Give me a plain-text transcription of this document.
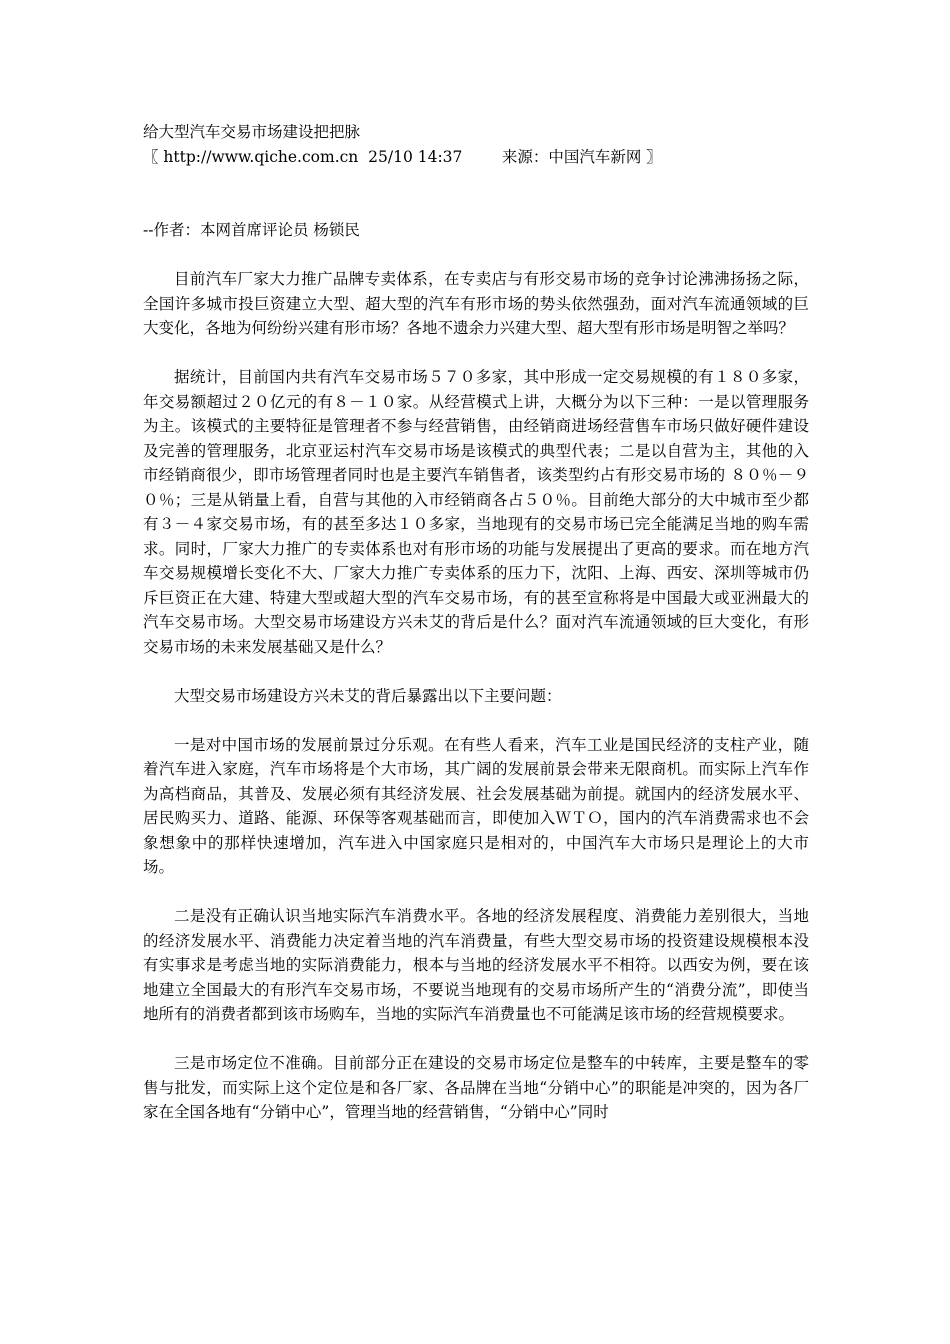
给大型汽车交易市场建设把把脉

〖 http://www.qiche.com.cn  25/10 14:37        来源：中国汽车新网 〗

--作者：本网首席评论员 杨锁民

目前汽车厂家大力推广品牌专卖体系，在专卖店与有形交易市场的竞争讨论沸沸扬扬之际，全国许多城市投巨资建立大型、超大型的汽车有形市场的势头依然强劲，面对汽车流通领域的巨大变化，各地为何纷纷兴建有形市场？各地不遗余力兴建大型、超大型有形市场是明智之举吗？

据统计，目前国内共有汽车交易市场５７０多家，其中形成一定交易规模的有１８０多家，年交易额超过２０亿元的有８－１０家。从经营模式上讲，大概分为以下三种：一是以管理服务为主。该模式的主要特征是管理者不参与经营销售，由经销商进场经营售车市场只做好硬件建设及完善的管理服务，北京亚运村汽车交易市场是该模式的典型代表；二是以自营为主，其他的入市经销商很少，即市场管理者同时也是主要汽车销售者，该类型约占有形交易市场的 ８０％－９０％；三是从销量上看，自营与其他的入市经销商各占５０％。目前绝大部分的大中城市至少都有３－４家交易市场，有的甚至多达１０多家，当地现有的交易市场已完全能满足当地的购车需求。同时，厂家大力推广的专卖体系也对有形市场的功能与发展提出了更高的要求。而在地方汽车交易规模增长变化不大、厂家大力推广专卖体系的压力下，沈阳、上海、西安、深圳等城市仍斥巨资正在大建、特建大型或超大型的汽车交易市场，有的甚至宣称将是中国最大或亚洲最大的汽车交易市场。大型交易市场建设方兴未艾的背后是什么？面对汽车流通领域的巨大变化，有形交易市场的未来发展基础又是什么？

大型交易市场建设方兴未艾的背后暴露出以下主要问题：

一是对中国市场的发展前景过分乐观。在有些人看来，汽车工业是国民经济的支柱产业，随着汽车进入家庭，汽车市场将是个大市场，其广阔的发展前景会带来无限商机。而实际上汽车作为高档商品，其普及、发展必须有其经济发展、社会发展基础为前提。就国内的经济发展水平、居民购买力、道路、能源、环保等客观基础而言，即使加入ＷＴＯ，国内的汽车消费需求也不会象想象中的那样快速增加，汽车进入中国家庭只是相对的，中国汽车大市场只是理论上的大市场。

二是没有正确认识当地实际汽车消费水平。各地的经济发展程度、消费能力差别很大，当地的经济发展水平、消费能力决定着当地的汽车消费量，有些大型交易市场的投资建设规模根本没有实事求是考虑当地的实际消费能力，根本与当地的经济发展水平不相符。以西安为例，要在该地建立全国最大的有形汽车交易市场，不要说当地现有的交易市场所产生的“消费分流”，即使当地所有的消费者都到该市场购车，当地的实际汽车消费量也不可能满足该市场的经营规模要求。

三是市场定位不准确。目前部分正在建设的交易市场定位是整车的中转库，主要是整车的零售与批发，而实际上这个定位是和各厂家、各品牌在当地“分销中心”的职能是冲突的，因为各厂家在全国各地有“分销中心”，管理当地的经营销售，“分销中心”同时
